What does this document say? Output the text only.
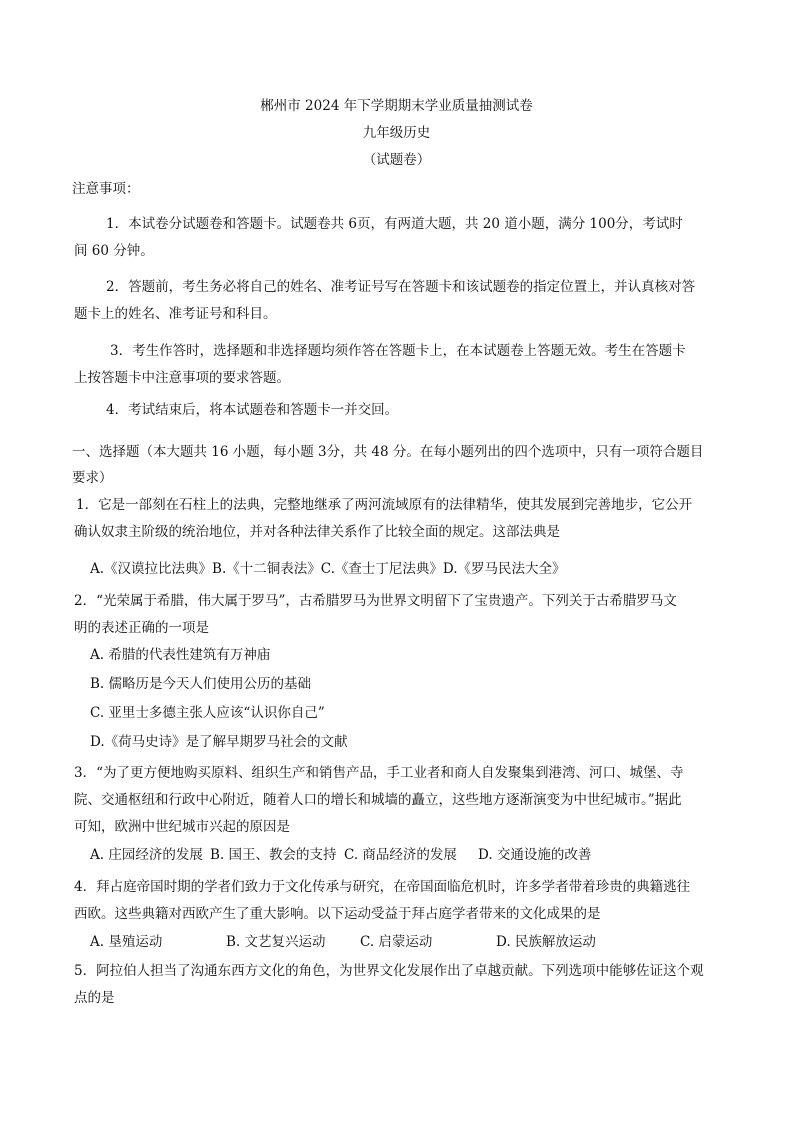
郴州市 2024 年下学期期末学业质量抽测试卷
九年级历史
（试题卷）
注意事项：
1．本试卷分试题卷和答题卡。试题卷共 6页，有两道大题，共 20 道小题，满分 100分，考试时
间 60 分钟。
2．答题前，考生务必将自己的姓名、准考证号写在答题卡和该试题卷的指定位置上，并认真核对答
题卡上的姓名、准考证号和科目。
3．考生作答时，选择题和非选择题均须作答在答题卡上，在本试题卷上答题无效。考生在答题卡
上按答题卡中注意事项的要求答题。
4．考试结束后，将本试题卷和答题卡一并交回。
一、选择题（本大题共 16 小题，每小题 3分，共 48 分。在每小题列出的四个选项中，只有一项符合题目
要求）
1．它是一部刻在石柱上的法典，完整地继承了两河流域原有的法律精华，使其发展到完善地步，它公开
确认奴隶主阶级的统治地位，并对各种法律关系作了比较全面的规定。这部法典是
A.《汉谟拉比法典》B.《十二铜表法》C.《查士丁尼法典》D.《罗马民法大全》
2．“光荣属于希腊，伟大属于罗马”，古希腊罗马为世界文明留下了宝贵遗产。下列关于古希腊罗马文
明的表述正确的一项是
A. 希腊的代表性建筑有万神庙
B. 儒略历是今天人们使用公历的基础
C. 亚里士多德主张人应该“认识你自己”
D.《荷马史诗》是了解早期罗马社会的文献
3．“为了更方便地购买原料、组织生产和销售产品，手工业者和商人自发聚集到港湾、河口、城堡、寺
院、交通枢纽和行政中心附近，随着人口的增长和城墙的矗立，这些地方逐渐演变为中世纪城市。”据此
可知，欧洲中世纪城市兴起的原因是
A. 庄园经济的发展 B. 国王、教会的支持 C. 商品经济的发展 D. 交通设施的改善
4．拜占庭帝国时期的学者们致力于文化传承与研究，在帝国面临危机时，许多学者带着珍贵的典籍逃往
西欧。这些典籍对西欧产生了重大影响。以下运动受益于拜占庭学者带来的文化成果的是
A. 垦殖运动	B. 文艺复兴运动	C. 启蒙运动	D. 民族解放运动
5．阿拉伯人担当了沟通东西方文化的角色，为世界文化发展作出了卓越贡献。下列选项中能够佐证这个观
点的是
